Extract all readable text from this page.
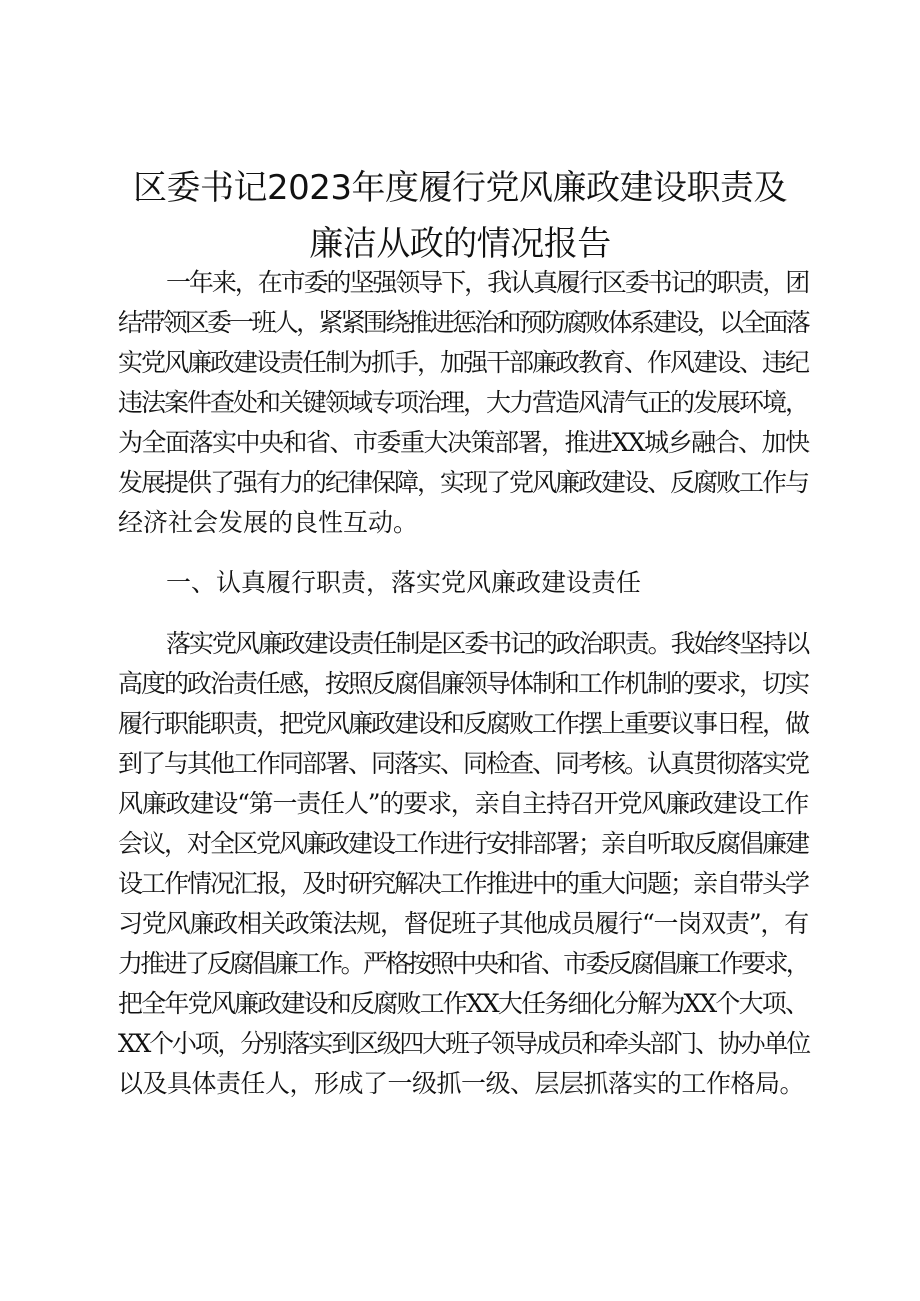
区委书记2023年度履行党风廉政建设职责及
廉洁从政的情况报告
一年来，在市委的坚强领导下，我认真履行区委书记的职责，团
结带领区委一班人，紧紧围绕推进惩治和预防腐败体系建设，以全面落
实党风廉政建设责任制为抓手，加强干部廉政教育、作风建设、违纪
违法案件查处和关键领域专项治理，大力营造风清气正的发展环境，
为全面落实中央和省、市委重大决策部署，推进XX城乡融合、加快
发展提供了强有力的纪律保障，实现了党风廉政建设、反腐败工作与
经济社会发展的良性互动。
一、认真履行职责，落实党风廉政建设责任
落实党风廉政建设责任制是区委书记的政治职责。我始终坚持以
高度的政治责任感，按照反腐倡廉领导体制和工作机制的要求，切实
履行职能职责，把党风廉政建设和反腐败工作摆上重要议事日程，做
到了与其他工作同部署、同落实、同检查、同考核。认真贯彻落实党
风廉政建设“第一责任人”的要求，亲自主持召开党风廉政建设工作
会议，对全区党风廉政建设工作进行安排部署；亲自听取反腐倡廉建
设工作情况汇报，及时研究解决工作推进中的重大问题；亲自带头学
习党风廉政相关政策法规，督促班子其他成员履行“一岗双责”，有
力推进了反腐倡廉工作。严格按照中央和省、市委反腐倡廉工作要求，
把全年党风廉政建设和反腐败工作XX大任务细化分解为XX个大项、
XX个小项，分别落实到区级四大班子领导成员和牵头部门、协办单位
以及具体责任人，形成了一级抓一级、层层抓落实的工作格局。
